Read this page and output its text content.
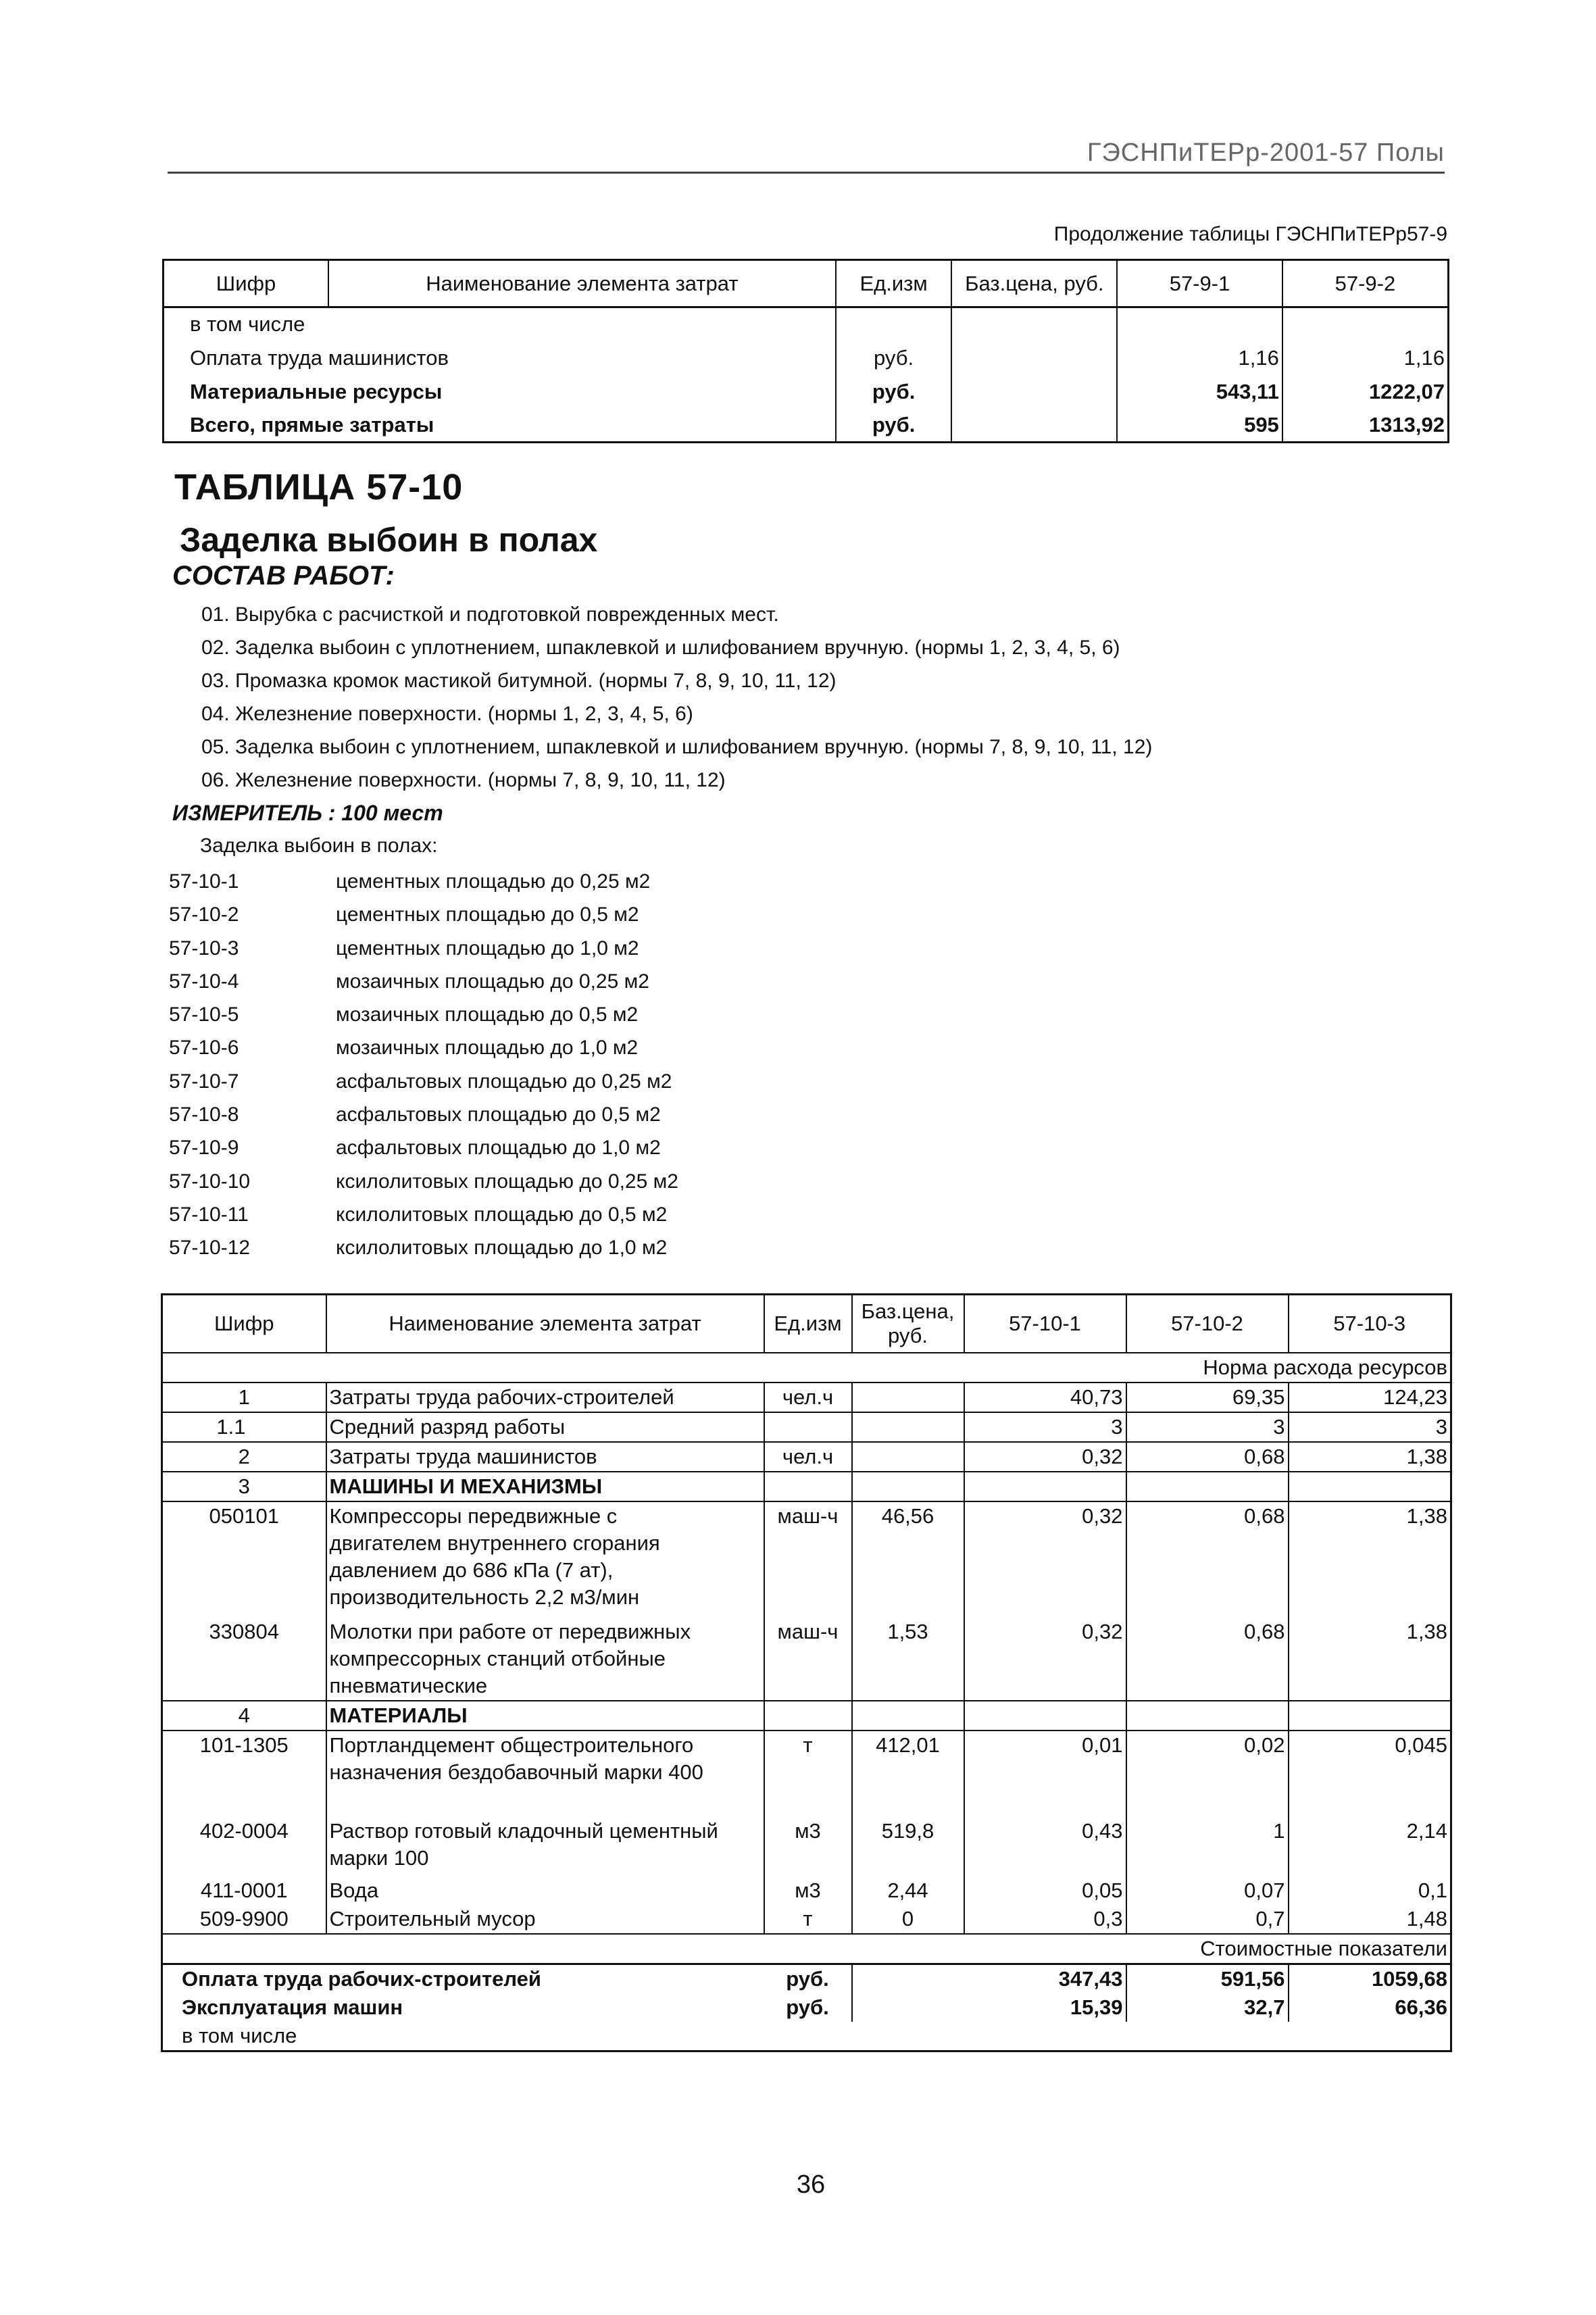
ГЭСНПиТЕРр-2001-57 Полы
Продолжение таблицы ГЭСНПиТЕРр57-9
Шифр	Наименование элемента затрат	Ед.изм	Баз.цена, руб.	57-9-1	57-9-2
в том числе					
Оплата труда машинистов		руб.		1,16	1,16
Материальные ресурсы		руб.		543,11	1222,07
Всего, прямые затраты		руб.		595	1313,92
ТАБЛИЦА 57-10
Заделка выбоин в полах
СОСТАВ РАБОТ:
01. Вырубка с расчисткой и подготовкой поврежденных мест.
02. Заделка выбоин с уплотнением, шпаклевкой и шлифованием вручную. (нормы 1, 2, 3, 4, 5, 6)
03. Промазка кромок мастикой битумной. (нормы 7, 8, 9, 10, 11, 12)
04. Железнение поверхности. (нормы 1, 2, 3, 4, 5, 6)
05. Заделка выбоин с уплотнением, шпаклевкой и шлифованием вручную. (нормы 7, 8, 9, 10, 11, 12)
06. Железнение поверхности. (нормы 7, 8, 9, 10, 11, 12)
ИЗМЕРИТЕЛЬ : 100 мест
Заделка выбоин в полах:
57-10-1	цементных площадью до 0,25 м2
57-10-2	цементных площадью до 0,5 м2
57-10-3	цементных площадью до 1,0 м2
57-10-4	мозаичных площадью до 0,25 м2
57-10-5	мозаичных площадью до 0,5 м2
57-10-6	мозаичных площадью до 1,0 м2
57-10-7	асфальтовых площадью до 0,25 м2
57-10-8	асфальтовых площадью до 0,5 м2
57-10-9	асфальтовых площадью до 1,0 м2
57-10-10	ксилолитовых площадью до 0,25 м2
57-10-11	ксилолитовых площадью до 0,5 м2
57-10-12	ксилолитовых площадью до 1,0 м2
Шифр	Наименование элемента затрат	Ед.изм	Баз.цена, руб.	57-10-1	57-10-2	57-10-3
Норма расхода ресурсов						
1	Затраты труда рабочих-строителей	чел.ч		40,73	69,35	124,23
1.1	Средний разряд работы			3	3	3
2	Затраты труда машинистов	чел.ч		0,32	0,68	1,38
3	МАШИНЫ И МЕХАНИЗМЫ					
050101	Компрессоры передвижные с
двигателем внутреннего сгорания
давлением до 686 кПа (7 ат),
производительность 2,2 м3/мин	маш-ч	46,56	0,32	0,68	1,38
330804	Молотки при работе от передвижных
компрессорных станций отбойные
пневматические	маш-ч	1,53	0,32	0,68	1,38
4	МАТЕРИАЛЫ					
101-1305	Портландцемент общестроительного
назначения бездобавочный марки 400	т	412,01	0,01	0,02	0,045
402-0004	Раствор готовый кладочный цементный
марки 100	м3	519,8	0,43	1	2,14
411-0001	Вода	м3	2,44	0,05	0,07	0,1
509-9900	Строительный мусор	т	0	0,3	0,7	1,48
Стоимостные показатели						
Оплата труда рабочих-строителей		руб.		347,43	591,56	1059,68
Эксплуатация машин		руб.		15,39	32,7	66,36
в том числе						
36
